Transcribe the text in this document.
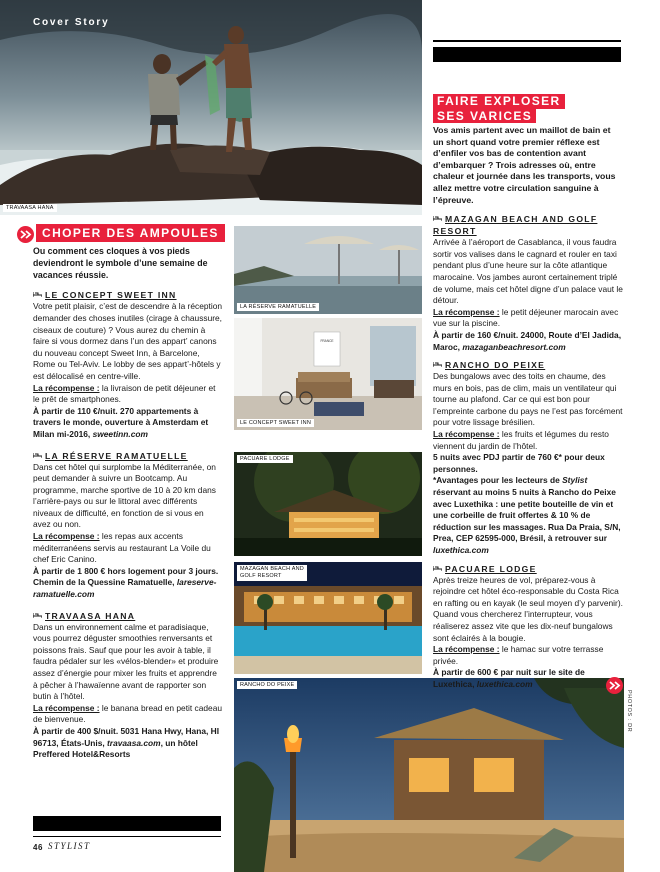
TRAVAASA HANA
LA RÉSERVE RAMATUELLE
FRANCE
LE CONCEPT SWEET INN
PACUARE LODGE
MAZAGAN BEACH AND GOLF RESORT
RANCHO DO PEIXE
Cover Story
CHOPER DES AMPOULES

Ou comment ces cloques à vos pieds deviendront le symbole d’une semaine de vacances réussie.

LE CONCEPT SWEET INN

Votre petit plaisir, c’est de descendre à la réception demander des choses inutiles (cirage à chaussure, ciseaux de couture) ? Vous aurez du chemin à faire si vous dormez dans l’un des appart’ canons du nouveau concept Sweet Inn, à Barcelone, Rome ou Tel-Aviv. Le lobby de ses appart’-hôtels y est délocalisé en centre-ville.

La récompense : la livraison de petit déjeuner et le prêt de smartphones.

À partir de 110 €/nuit. 270 appartements à travers le monde, ouverture à Amsterdam et Milan mi-2016, sweetinn.com

LA RÉSERVE RAMATUELLE

Dans cet hôtel qui surplombe la Méditerranée, on peut demander à suivre un Bootcamp. Au programme, marche sportive de 10 à 20 km dans l’arrière-pays ou sur le littoral avec différents niveaux de difficulté, en fonction de si vous en avez ou non.

La récompense : les repas aux accents méditerranéens servis au restaurant La Voile du chef Eric Canino.

À partir de 1 800 € hors logement pour 3 jours. Chemin de la Quessine Ramatuelle, lareserve-ramatuelle.com

TRAVAASA HANA

Dans un environnement calme et paradisiaque, vous pourrez déguster smoothies renversants et poissons frais. Sauf que pour les avoir à table, il faudra pédaler sur les «vélos-blender» et produire assez d’énergie pour mixer les fruits et apprendre à pêcher à l’hawaïenne avant de rapporter son butin à l’hôtel.

La récompense : le banana bread en petit cadeau de bienvenue.

À partir de 400 $/nuit. 5031 Hana Hwy, Hana, HI 96713, États-Unis, travaasa.com, un hôtel Preffered Hotel&Resorts

FAIRE EXPLOSER
SES VARICES

Vos amis partent avec un maillot de bain et un short quand votre premier réflexe est d’enfiler vos bas de contention avant d’embarquer ? Trois adresses où, entre chaleur et journée dans les transports, vous allez mettre votre circulation sanguine à l’épreuve.

MAZAGAN BEACH AND GOLF RESORT

Arrivée à l’aéroport de Casablanca, il vous faudra sortir vos valises dans le cagnard et rouler en taxi pendant plus d’une heure sur la côte atlantique marocaine. Vos jambes auront certainement triplé de volume, mais cet hôtel digne d’un palace vaut le détour.

La récompense : le petit déjeuner marocain avec vue sur la piscine.

À partir de 160 €/nuit. 24000, Route d’El Jadida, Maroc, mazaganbeachresort.com

RANCHO DO PEIXE

Des bungalows avec des toits en chaume, des murs en bois, pas de clim, mais un ventilateur qui tourne au plafond. Car ce qui est bon pour l’empreinte carbone du pays ne l’est pas forcément pour votre lissage brésilien.

La récompense : les fruits et légumes du resto viennent du jardin de l’hôtel.

5 nuits avec PDJ partir de 760 €* pour deux personnes.

*Avantages pour les lecteurs de Stylist réservant au moins 5 nuits à Rancho do Peixe avec Luxethika : une petite bouteille de vin et une corbeille de fruit offertes & 10 % de réduction sur les massages. Rua Da Praia, S/N, Prea, CEP 62595-000, Brésil, à retrouver sur luxethica.com

PACUARE LODGE

Après treize heures de vol, préparez-vous à rejoindre cet hôtel éco-responsable du Costa Rica en rafting ou en kayak (le seul moyen d’y parvenir). Quand vous chercherez l’interrupteur, vous réaliserez assez vite que les dix-neuf bungalows sont éclairés à la bougie.

La récompense : le hamac sur votre terrasse privée.

À partir de 600 € par nuit sur le site de Luxethica, luxethica.com

PHOTOS : DR
46 STYLIST
